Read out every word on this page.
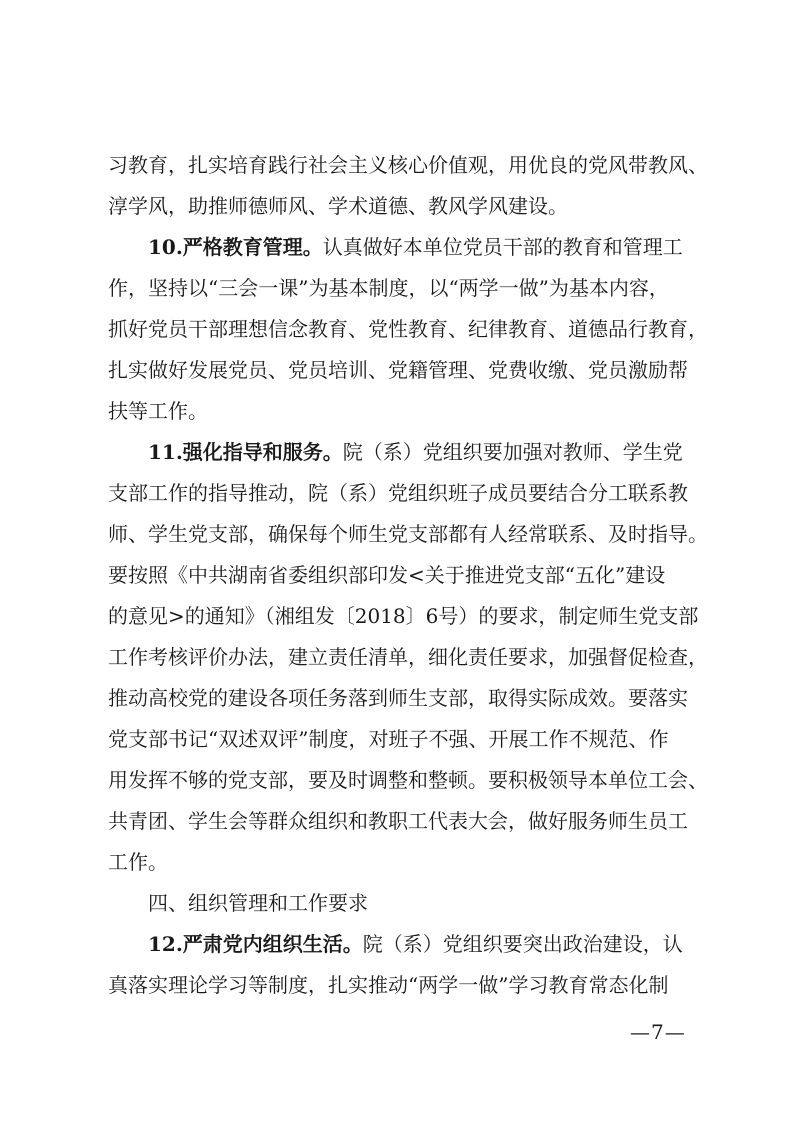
习教育，扎实培育践行社会主义核心价值观，用优良的党风带教风、
淳学风，助推师德师风、学术道德、教风学风建设。
10.严格教育管理。认真做好本单位党员干部的教育和管理工
作，坚持以“三会一课”为基本制度，以“两学一做”为基本内容，
抓好党员干部理想信念教育、党性教育、纪律教育、道德品行教育，
扎实做好发展党员、党员培训、党籍管理、党费收缴、党员激励帮
扶等工作。
11.强化指导和服务。院（系）党组织要加强对教师、学生党
支部工作的指导推动，院（系）党组织班子成员要结合分工联系教
师、学生党支部，确保每个师生党支部都有人经常联系、及时指导。
要按照《中共湖南省委组织部印发<关于推进党支部“五化”建设
的意见>的通知》（湘组发〔2018〕6号）的要求，制定师生党支部
工作考核评价办法，建立责任清单，细化责任要求，加强督促检查，
推动高校党的建设各项任务落到师生支部，取得实际成效。要落实
党支部书记“双述双评”制度，对班子不强、开展工作不规范、作
用发挥不够的党支部，要及时调整和整顿。要积极领导本单位工会、
共青团、学生会等群众组织和教职工代表大会，做好服务师生员工
工作。
四、组织管理和工作要求
12.严肃党内组织生活。院（系）党组织要突出政治建设，认
真落实理论学习等制度，扎实推动“两学一做”学习教育常态化制
—7—
